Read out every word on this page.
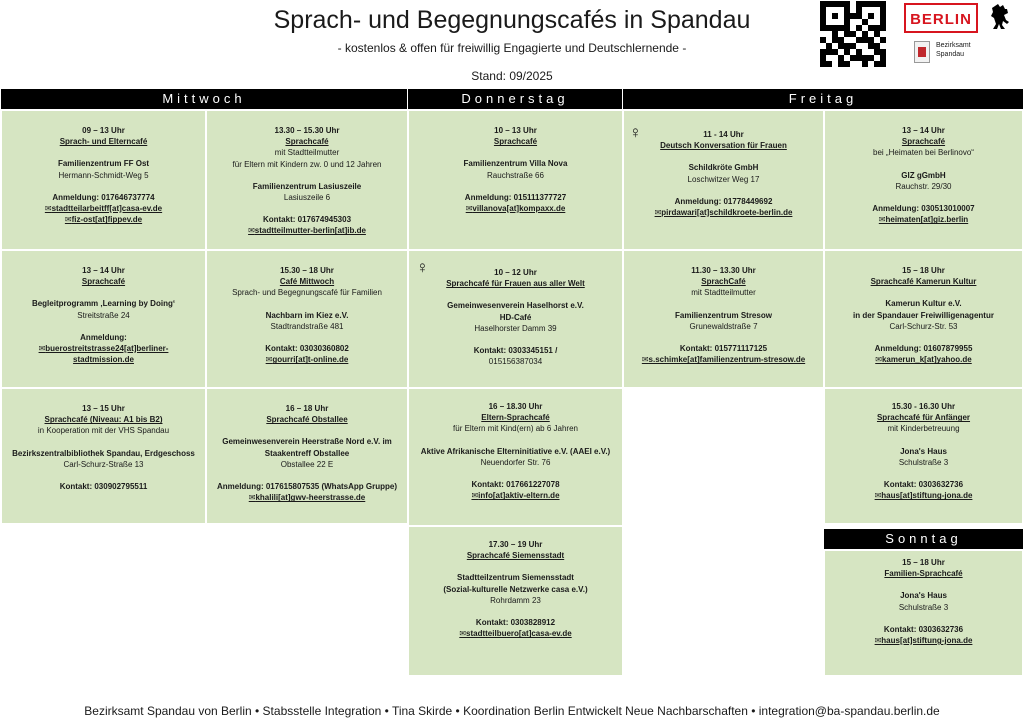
Sprach- und Begegnungscafés in Spandau
- kostenlos & offen für freiwillig Engagierte und Deutschlernende -
Stand: 09/2025
BERLIN
Bezirksamt
Spandau
Mittwoch	Donnerstag	Freitag
09 – 13 Uhr
Sprach- und Elterncafé
Familienzentrum FF Ost
Hermann-Schmidt-Weg 5
Anmeldung: 017646737774
✉ stadtteilarbeitff[at]casa-ev.de
✉ fiz-ost[at]fippev.de
13.30 – 15.30 Uhr
Sprachcafé
mit Stadtteilmutter
für Eltern mit Kindern zw. 0 und 12 Jahren
Familienzentrum Lasiuszeile
Lasiuszeile 6
Kontakt: 017674945303
✉ stadtteilmutter-berlin[at]ib.de
13 – 14 Uhr
Sprachcafé
Begleitprogramm ‚Learning by Doing‘
Streitstraße 24
Anmeldung:
✉ buerostreitstrasse24[at]berliner-
stadtmission.de
15.30 – 18 Uhr
Café Mittwoch
Sprach- und Begegnungscafé für Familien
Nachbarn im Kiez e.V.
Stadtrandstraße 481
Kontakt: 03030360802
✉ gourri[at]t-online.de
13 – 15 Uhr
Sprachcafé (Niveau: A1 bis B2)
in Kooperation mit der VHS Spandau
Bezirkszentralbibliothek Spandau, Erdgeschoss
Carl-Schurz-Straße 13
Kontakt: 030902795511
16 – 18 Uhr
Sprachcafé Obstallee
Gemeinwesenverein Heerstraße Nord e.V. im
Staakentreff Obstallee
Obstallee 22 E
Anmeldung: 017615807535 (WhatsApp Gruppe)
✉ khalili[at]gwv-heerstrasse.de
10 – 13 Uhr
Sprachcafé
Familienzentrum Villa Nova
Rauchstraße 66
Anmeldung: 015111377727
✉ villanova[at]kompaxx.de
10 – 12 Uhr
Sprachcafé für Frauen aus aller Welt
Gemeinwesenverein Haselhorst e.V.
HD-Café
Haselhorster Damm 39
Kontakt: 0303345151 /
015156387034
16 – 18.30 Uhr
Eltern-Sprachcafé
für Eltern mit Kind(ern) ab 6 Jahren
Aktive Afrikanische Elterninitiative e.V. (AAEI e.V.)
Neuendorfer Str. 76
Kontakt: 017661227078
✉ info[at]aktiv-eltern.de
17.30 – 19 Uhr
Sprachcafé Siemensstadt
Stadtteilzentrum Siemensstadt
(Sozial-kulturelle Netzwerke casa e.V.)
Rohrdamm 23
Kontakt: 0303828912
✉ stadtteilbuero[at]casa-ev.de
11 - 14 Uhr
Deutsch Konversation für Frauen
Schildkröte GmbH
Loschwitzer Weg 17
Anmeldung: 01778449692
✉ pirdawari[at]schildkroete-berlin.de
13 – 14 Uhr
Sprachcafé
bei „Heimaten bei Berlinovo“
GIZ gGmbH
Rauchstr. 29/30
Anmeldung: 030513010007
✉ heimaten[at]giz.berlin
11.30 – 13.30 Uhr
SprachCafé
mit Stadtteilmutter
Familienzentrum Stresow
Grunewaldstraße 7
Kontakt: 015771117125
✉ s.schimke[at]familienzentrum-stresow.de
15 – 18 Uhr
Sprachcafé Kamerun Kultur
Kamerun Kultur e.V.
in der Spandauer Freiwilligenagentur
Carl-Schurz-Str. 53
Anmeldung: 01607879955
✉ kamerun_k[at]yahoo.de
15.30 - 16.30 Uhr
Sprachcafé für Anfänger
mit Kinderbetreuung
Jona's Haus
Schulstraße 3
Kontakt: 0303632736
✉ haus[at]stiftung-jona.de
Sonntag
15 – 18 Uhr
Familien-Sprachcafé
Jona's Haus
Schulstraße 3
Kontakt: 0303632736
✉ haus[at]stiftung-jona.de
♀
♀
Bezirksamt Spandau von Berlin • Stabsstelle Integration • Tina Skirde • Koordination Berlin Entwickelt Neue Nachbarschaften • integration@ba-spandau.berlin.de
